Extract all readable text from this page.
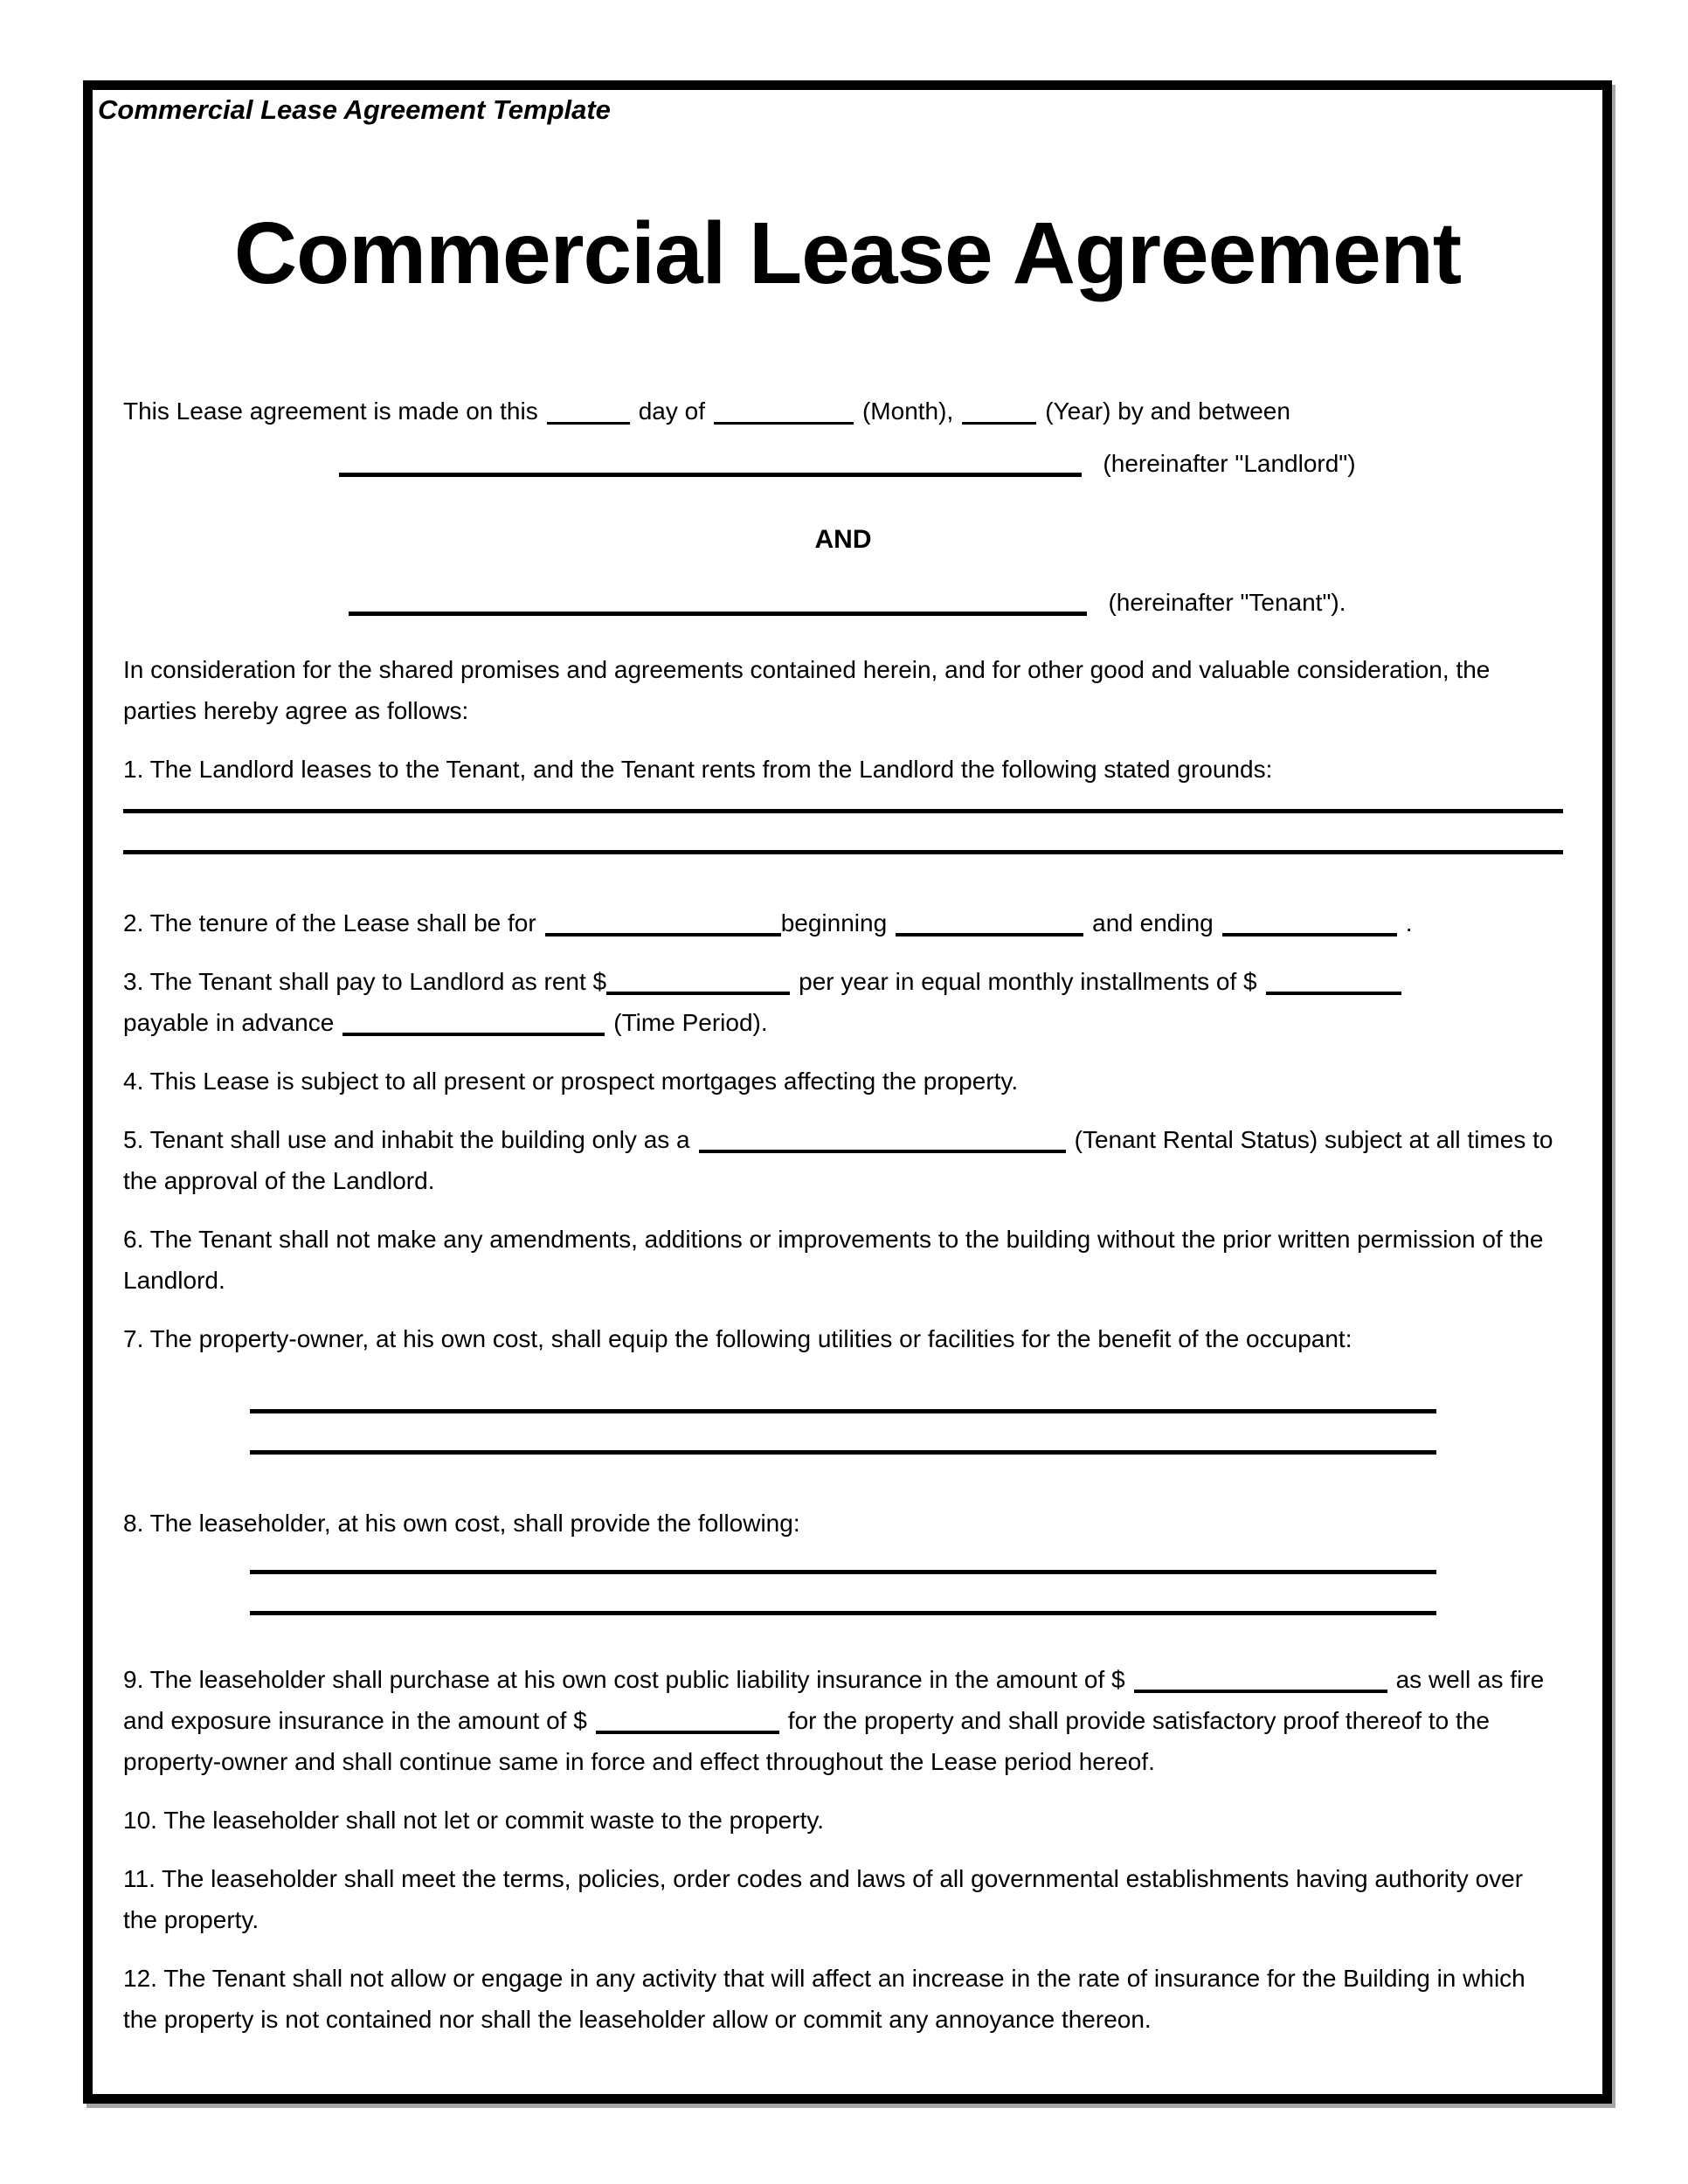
Commercial Lease Agreement Template
Commercial Lease Agreement

This Lease agreement is made on this	day of	(Month),	(Year) by and between

(hereinafter "Landlord")

AND

(hereinafter "Tenant").

In consideration for the shared promises and agreements contained herein, and for other good and valuable consideration, the parties hereby agree as follows:

1. The Landlord leases to the Tenant, and the Tenant rents from the Landlord the following stated grounds:

2. The tenure of the Lease shall be for	beginning	and ending	.

3. The Tenant shall pay to Landlord as rent $	per year in equal monthly installments of $
payable in advance	(Time Period).

4. This Lease is subject to all present or prospect mortgages affecting the property.

5. Tenant shall use and inhabit the building only as a	(Tenant Rental Status) subject at all times to the approval of the Landlord.

6. The Tenant shall not make any amendments, additions or improvements to the building without the prior written permission of the Landlord.

7. The property-owner, at his own cost, shall equip the following utilities or facilities for the benefit of the occupant:

8. The leaseholder, at his own cost, shall provide the following:

9. The leaseholder shall purchase at his own cost public liability insurance in the amount of $	as well as fire and exposure insurance in the amount of $	for the property and shall provide satisfactory proof thereof to the property-owner and shall continue same in force and effect throughout the Lease period hereof.

10. The leaseholder shall not let or commit waste to the property.

11. The leaseholder shall meet the terms, policies, order codes and laws of all governmental establishments having authority over the property.

12. The Tenant shall not allow or engage in any activity that will affect an increase in the rate of insurance for the Building in which the property is not contained nor shall the leaseholder allow or commit any annoyance thereon.
